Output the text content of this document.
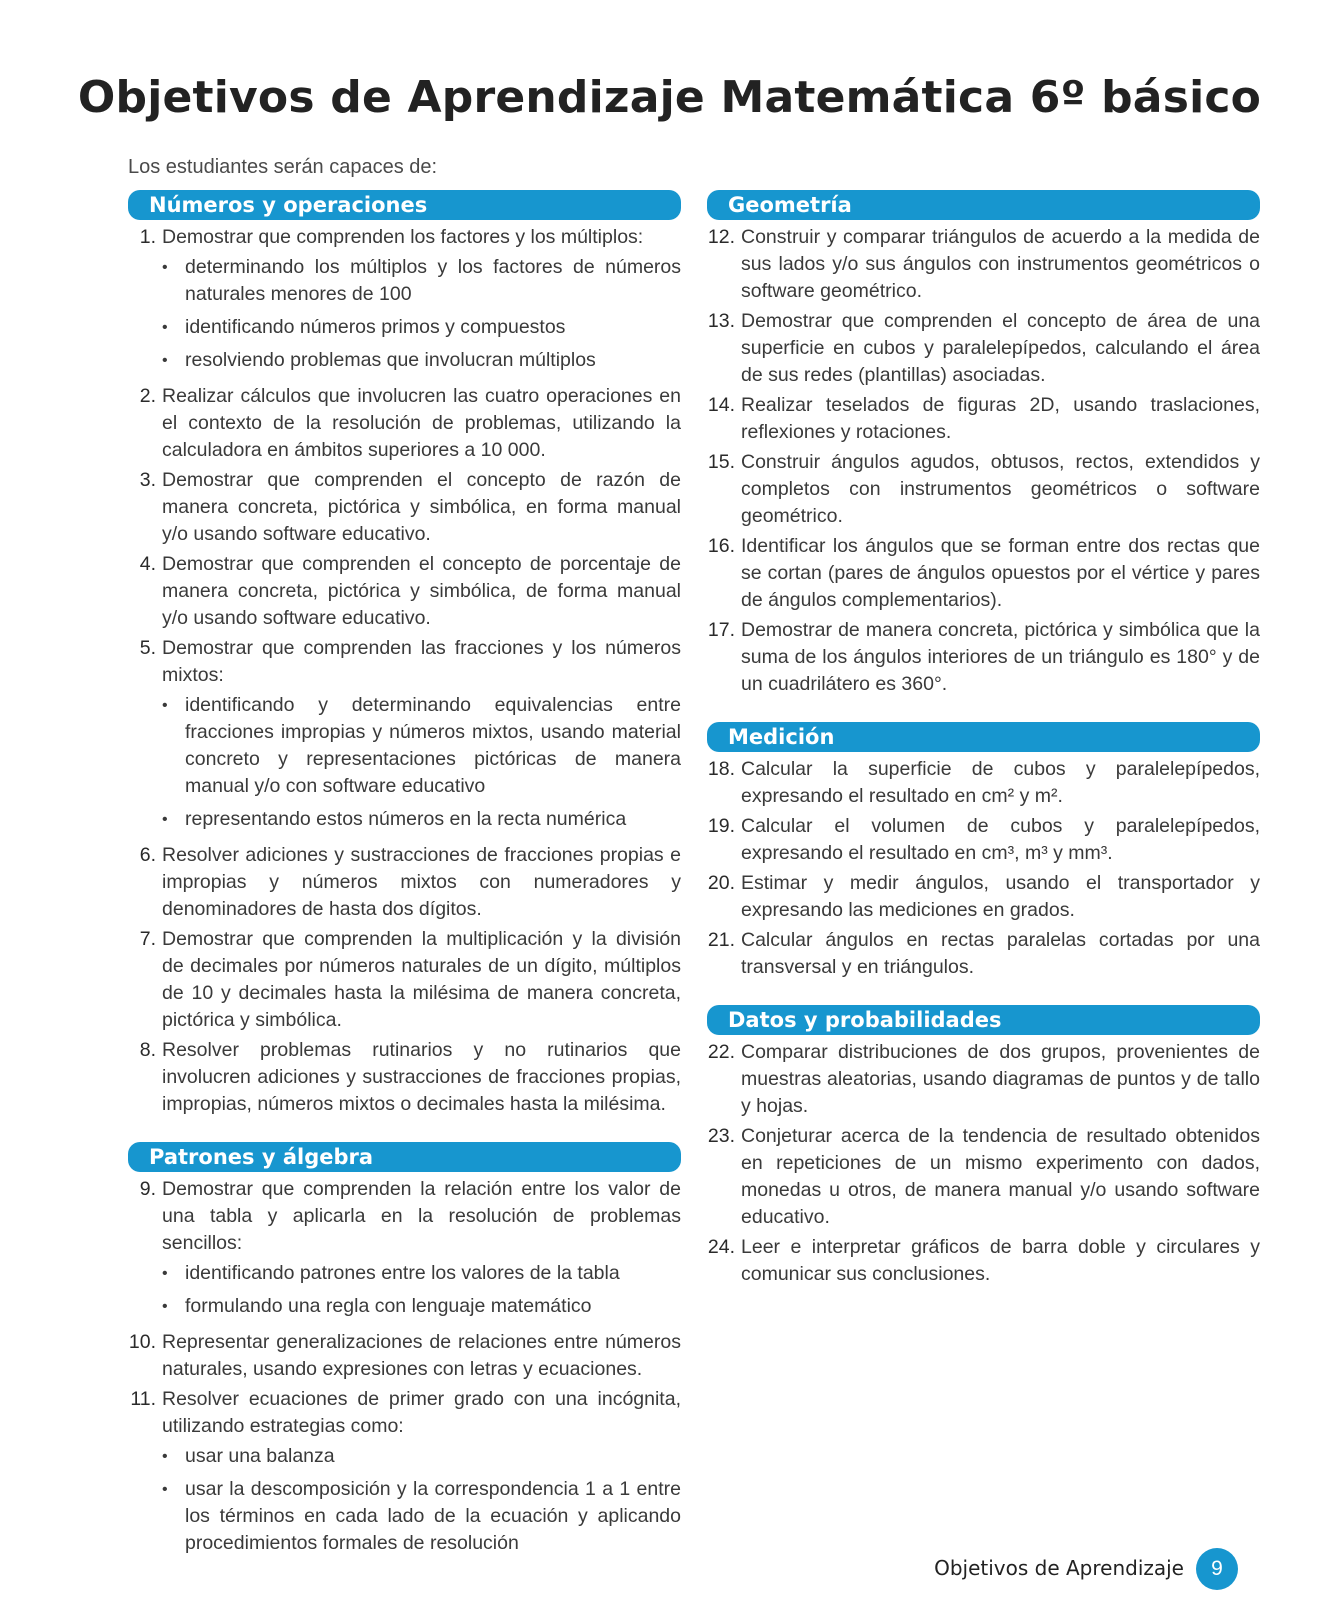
Objetivos de Aprendizaje Matemática 6º básico
Los estudiantes serán capaces de:
Números y operaciones
1. Demostrar que comprenden los factores y los múltiplos:
• determinando los múltiplos y los factores de números naturales menores de 100
• identificando números primos y compuestos
• resolviendo problemas que involucran múltiplos
2. Realizar cálculos que involucren las cuatro operaciones en el contexto de la resolución de problemas, utilizando la calculadora en ámbitos superiores a 10 000.
3. Demostrar que comprenden el concepto de razón de manera concreta, pictórica y simbólica, en forma manual y/o usando software educativo.
4. Demostrar que comprenden el concepto de porcentaje de manera concreta, pictórica y simbólica, de forma manual y/o usando software educativo.
5. Demostrar que comprenden las fracciones y los números mixtos:
• identificando y determinando equivalencias entre fracciones impropias y números mixtos, usando material concreto y representaciones pictóricas de manera manual y/o con software educativo
• representando estos números en la recta numérica
6. Resolver adiciones y sustracciones de fracciones propias e impropias y números mixtos con numeradores y denominadores de hasta dos dígitos.
7. Demostrar que comprenden la multiplicación y la división de decimales por números naturales de un dígito, múltiplos de 10 y decimales hasta la milésima de manera concreta, pictórica y simbólica.
8. Resolver problemas rutinarios y no rutinarios que involucren adiciones y sustracciones de fracciones propias, impropias, números mixtos o decimales hasta la milésima.
Patrones y álgebra
9. Demostrar que comprenden la relación entre los valor de una tabla y aplicarla en la resolución de problemas sencillos:
• identificando patrones entre los valores de la tabla
• formulando una regla con lenguaje matemático
10. Representar generalizaciones de relaciones entre números naturales, usando expresiones con letras y ecuaciones.
11. Resolver ecuaciones de primer grado con una incógnita, utilizando estrategias como:
• usar una balanza
• usar la descomposición y la correspondencia 1 a 1 entre los términos en cada lado de la ecuación y aplicando procedimientos formales de resolución
Geometría
12. Construir y comparar triángulos de acuerdo a la medida de sus lados y/o sus ángulos con instrumentos geométricos o software geométrico.
13. Demostrar que comprenden el concepto de área de una superficie en cubos y paralelepípedos, calculando el área de sus redes (plantillas) asociadas.
14. Realizar teselados de figuras 2D, usando traslaciones, reflexiones y rotaciones.
15. Construir ángulos agudos, obtusos, rectos, extendidos y completos con instrumentos geométricos o software geométrico.
16. Identificar los ángulos que se forman entre dos rectas que se cortan (pares de ángulos opuestos por el vértice y pares de ángulos complementarios).
17. Demostrar de manera concreta, pictórica y simbólica que la suma de los ángulos interiores de un triángulo es 180° y de un cuadrilátero es 360°.
Medición
18. Calcular la superficie de cubos y paralelepípedos, expresando el resultado en cm² y m².
19. Calcular el volumen de cubos y paralelepípedos, expresando el resultado en cm³, m³ y mm³.
20. Estimar y medir ángulos, usando el transportador y expresando las mediciones en grados.
21. Calcular ángulos en rectas paralelas cortadas por una transversal y en triángulos.
Datos y probabilidades
22. Comparar distribuciones de dos grupos, provenientes de muestras aleatorias, usando diagramas de puntos y de tallo y hojas.
23. Conjeturar acerca de la tendencia de resultado obtenidos en repeticiones de un mismo experimento con dados, monedas u otros, de manera manual y/o usando software educativo.
24. Leer e interpretar gráficos de barra doble y circulares y comunicar sus conclusiones.
Objetivos de Aprendizaje	9
